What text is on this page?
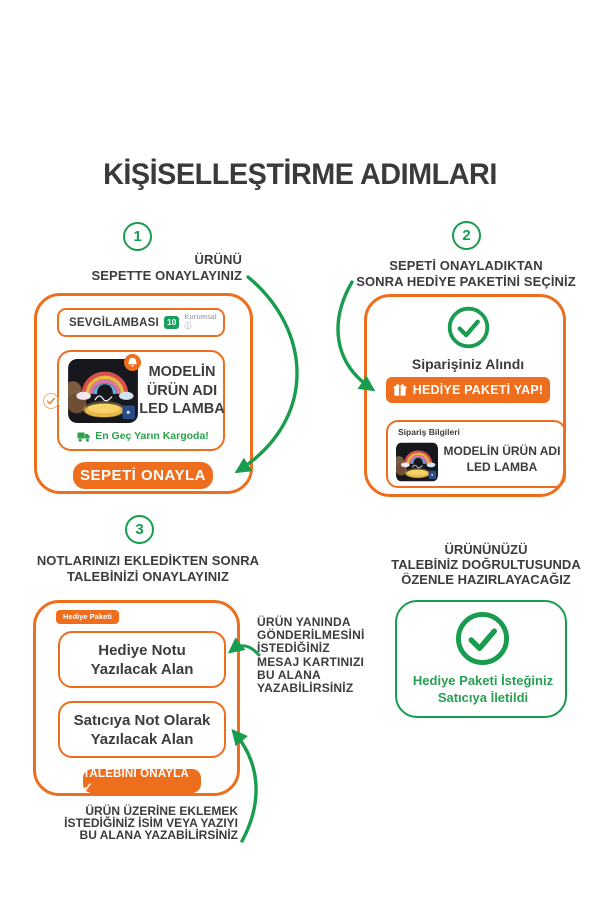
KİŞİSELLEŞTİRME ADIMLARI
1
ÜRÜNÜ
SEPETTE ONAYLAYINIZ
SEVGİLAMBASI 10	Kurumsal ⓘ
MODELİN
ÜRÜN ADI
LED LAMBA
En Geç Yarın Kargoda!
SEPETİ ONAYLA
2
SEPETİ ONAYLADIKTAN
SONRA HEDİYE PAKETİNİ SEÇİNİZ
Siparişiniz Alındı
HEDİYE PAKETİ YAP!
Sipariş Bilgileri
MODELİN ÜRÜN ADI
LED LAMBA
3
NOTLARINIZI EKLEDİKTEN SONRA
TALEBİNİZİ ONAYLAYINIZ
Hediye Paketi
Hediye Notu
Yazılacak Alan
Satıcıya Not Olarak
Yazılacak Alan
TALEBİNİ ONAYLA ✓
ÜRÜN YANINDA
GÖNDERİLMESİNİ
İSTEDİĞİNİZ
MESAJ KARTINIZI
BU ALANA
YAZABİLİRSİNİZ
ÜRÜN ÜZERİNE EKLEMEK
İSTEDİĞİNİZ İSİM VEYA YAZIYI
BU ALANA YAZABİLİRSİNİZ
ÜRÜNÜNÜZÜ
TALEBİNİZ DOĞRULTUSUNDA
ÖZENLE HAZIRLAYACAĞIZ
Hediye Paketi İsteğiniz
Satıcıya İletildi
